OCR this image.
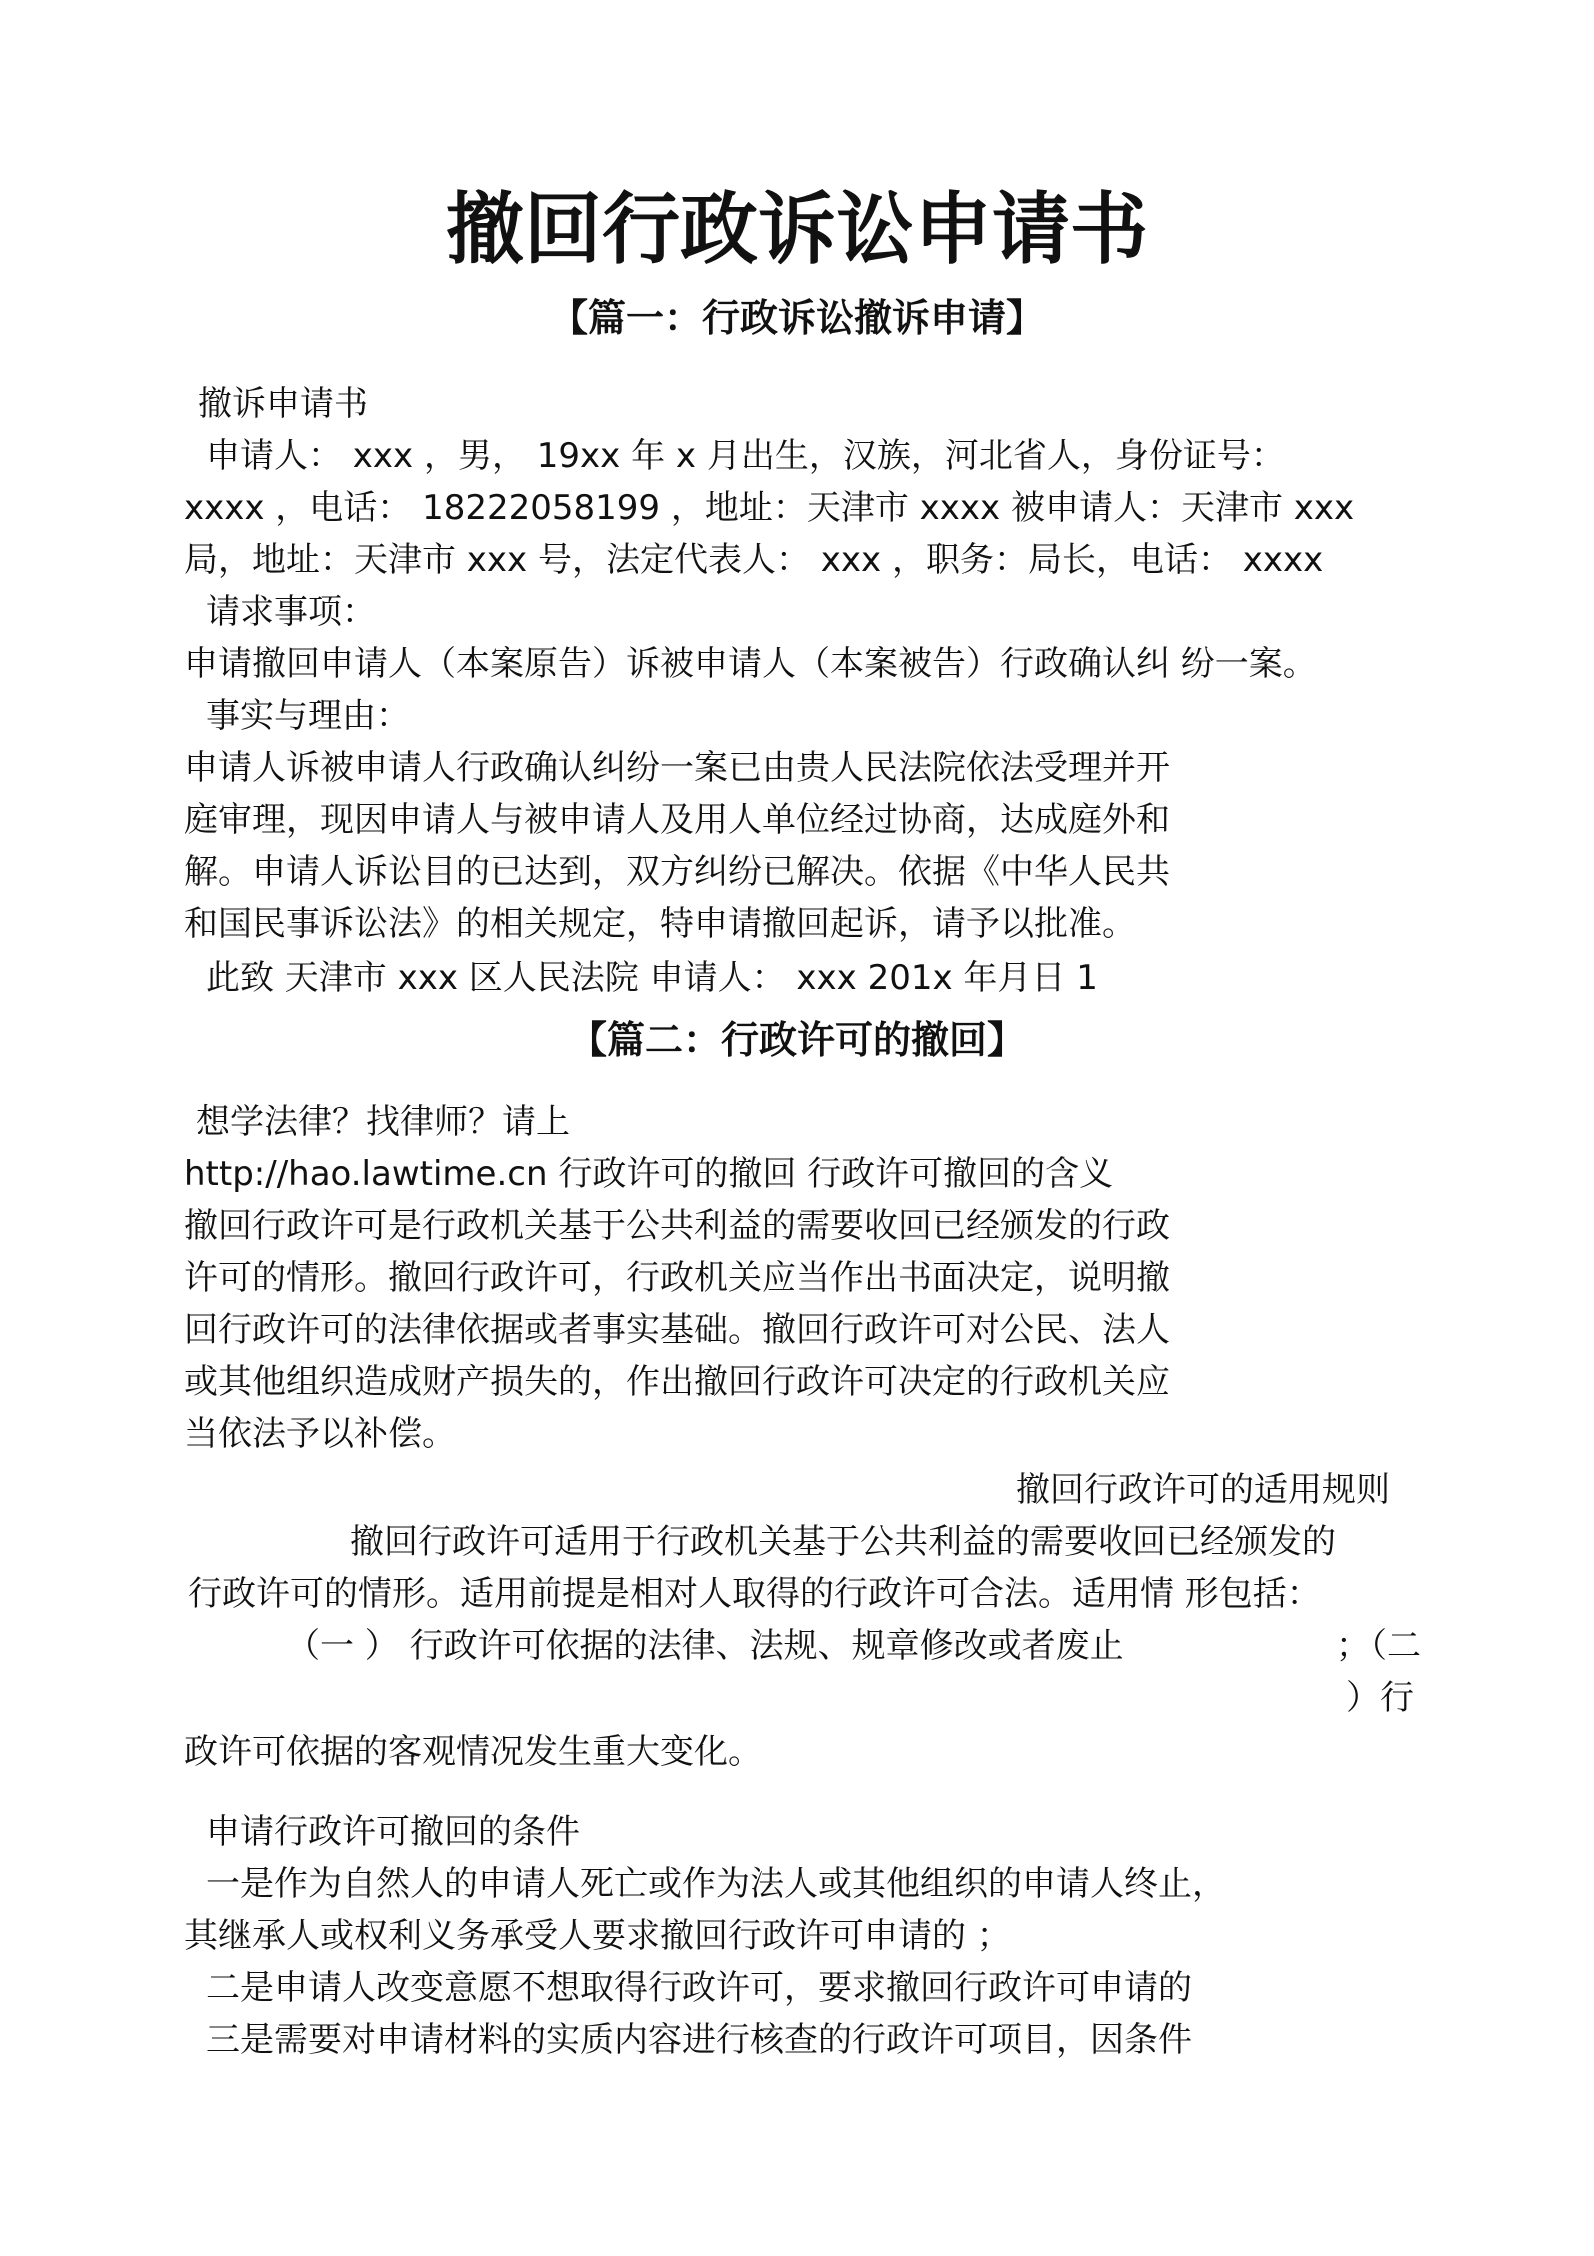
撤回行政诉讼申请书
【篇一：行政诉讼撤诉申请】
撤诉申请书
申请人： xxx ，男， 19xx 年 x 月出生，汉族，河北省人，身份证号：
xxxx ，电话： 18222058199 ，地址：天津市 xxxx 被申请人：天津市 xxx
局，地址：天津市 xxx 号，法定代表人： xxx ，职务：局长，电话： xxxx
请求事项：
申请撤回申请人（本案原告）诉被申请人（本案被告）行政确认纠 纷一案。
事实与理由：
申请人诉被申请人行政确认纠纷一案已由贵人民法院依法受理并开
庭审理，现因申请人与被申请人及用人单位经过协商，达成庭外和
解。申请人诉讼目的已达到，双方纠纷已解决。依据《中华人民共
和国民事诉讼法》的相关规定，特申请撤回起诉，请予以批准。
此致 天津市 xxx 区人民法院 申请人： xxx 201x 年月日 1
【篇二：行政许可的撤回】
想学法律？找律师？请上
http://hao.lawtime.cn 行政许可的撤回 行政许可撤回的含义
撤回行政许可是行政机关基于公共利益的需要收回已经颁发的行政
许可的情形。撤回行政许可，行政机关应当作出书面决定，说明撤
回行政许可的法律依据或者事实基础。撤回行政许可对公民、法人
或其他组织造成财产损失的，作出撤回行政许可决定的行政机关应
当依法予以补偿。
撤回行政许可的适用规则
撤回行政许可适用于行政机关基于公共利益的需要收回已经颁发的
行政许可的情形。适用前提是相对人取得的行政许可合法。适用情 形包括：
（一 ） 行政许可依据的法律、法规、规章修改或者废止	；（二
）行
政许可依据的客观情况发生重大变化。
申请行政许可撤回的条件
一是作为自然人的申请人死亡或作为法人或其他组织的申请人终止，
其继承人或权利义务承受人要求撤回行政许可申请的 ；
二是申请人改变意愿不想取得行政许可，要求撤回行政许可申请的
三是需要对申请材料的实质内容进行核查的行政许可项目，因条件
